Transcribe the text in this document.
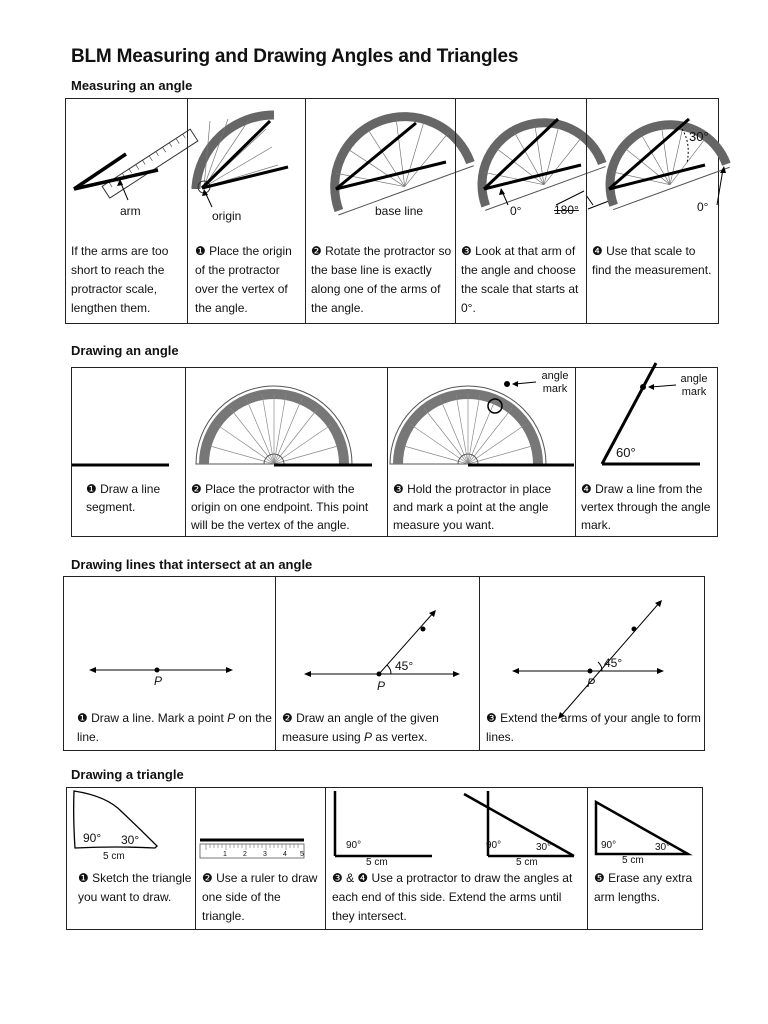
BLM Measuring and Drawing Angles and Triangles
Measuring an angle
arm
If the arms are too short to reach the protractor scale, lengthen them.
origin
❶ Place the origin of the protractor over the vertex of the angle.
base line
❷ Rotate the protractor so the base line is exactly along one of the arms of the angle.
0°	180°
❸ Look at that arm of the angle and choose the scale that starts at 0°.
30°
0°
❹ Use that scale to find the measurement.
Drawing an angle
❶ Draw a line segment.
❷ Place the protractor with the origin on one endpoint. This point will be the vertex of the angle.
angle mark
❸ Hold the protractor in place and mark a point at the angle measure you want.
angle mark
60°
❹ Draw a line from the vertex through the angle mark.
Drawing lines that intersect at an angle
P
❶ Draw a line. Mark a point P on the line.
45°
P
❷ Draw an angle of the given measure using P as vertex.
45°
P
❸ Extend the arms of your angle to form lines.
Drawing a triangle
90° 30°
5 cm
❶ Sketch the triangle you want to draw.
1 2 3 4 5
❷ Use a ruler to draw one side of the triangle.
90°
5 cm
90°	30°
5 cm
❸ & ❹ Use a protractor to draw the angles at each end of this side. Extend the arms until they intersect.
90°	30°
5 cm
❺ Erase any extra arm lengths.
